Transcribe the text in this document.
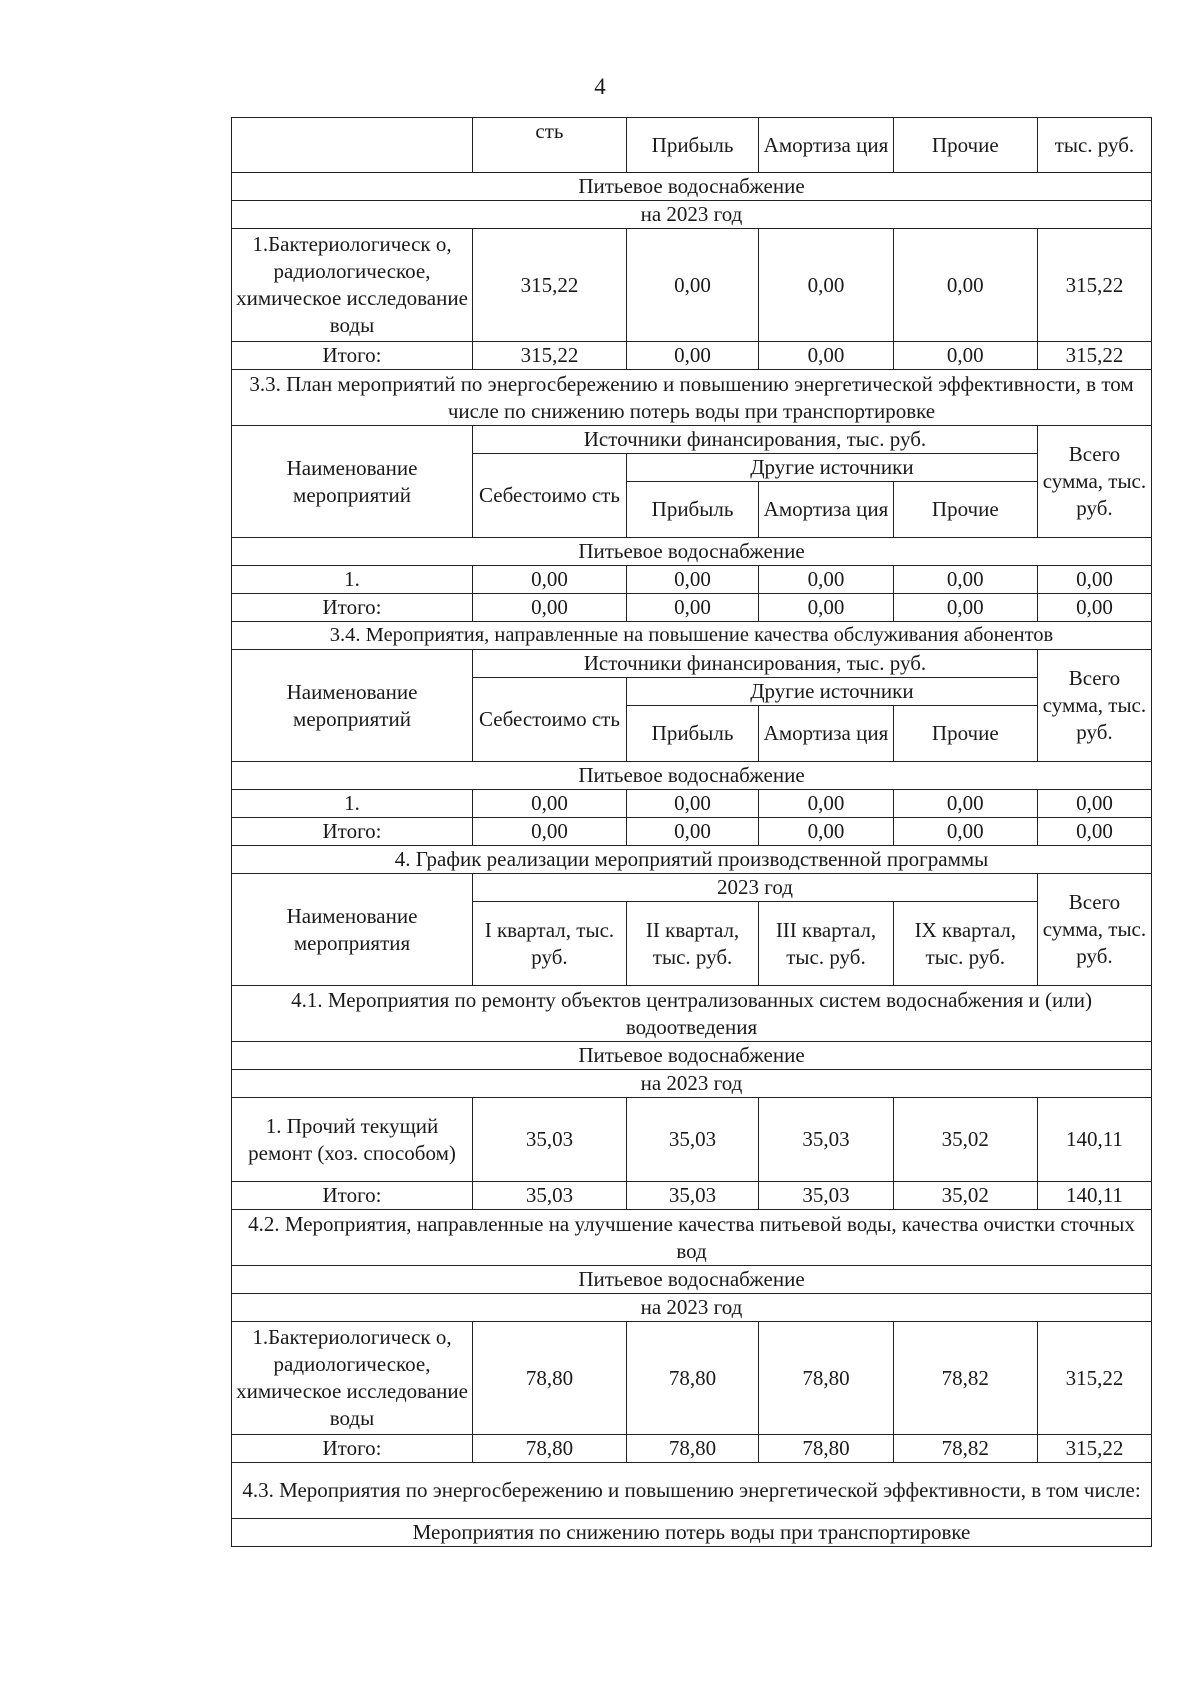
4
	сть	Прибыль	Амортиза ция	Прочие	тыс. руб.
Питьевое водоснабжение					
на 2023 год					
1.Бактериологическ о, радиологическое, химическое исследование воды	315,22	0,00	0,00	0,00	315,22
Итого:	315,22	0,00	0,00	0,00	315,22
3.3. План мероприятий по энергосбережению и повышению энергетической эффективности, в том числе по снижению потерь воды при транспортировке					
Наименование мероприятий	Источники финансирования, тыс. руб.				Всего сумма, тыс. руб.
	Себестоимо сть	Другие источники			
		Прибыль	Амортиза ция	Прочие	
Питьевое водоснабжение					
1.	0,00	0,00	0,00	0,00	0,00
Итого:	0,00	0,00	0,00	0,00	0,00
3.4. Мероприятия, направленные на повышение качества обслуживания абонентов					
Наименование мероприятий	Источники финансирования, тыс. руб.				Всего сумма, тыс. руб.
	Себестоимо сть	Другие источники			
		Прибыль	Амортиза ция	Прочие	
Питьевое водоснабжение					
1.	0,00	0,00	0,00	0,00	0,00
Итого:	0,00	0,00	0,00	0,00	0,00
4. График реализации мероприятий производственной программы					
Наименование мероприятия	2023 год				Всего сумма, тыс. руб.
	I квартал, тыс. руб.	II квартал, тыс. руб.	III квартал, тыс. руб.	IX квартал, тыс. руб.	
4.1. Мероприятия по ремонту объектов централизованных систем водоснабжения и (или) водоотведения					
Питьевое водоснабжение					
на 2023 год					
1. Прочий текущий ремонт (хоз. способом)	35,03	35,03	35,03	35,02	140,11
Итого:	35,03	35,03	35,03	35,02	140,11
4.2. Мероприятия, направленные на улучшение качества питьевой воды, качества очистки сточных вод					
Питьевое водоснабжение					
на 2023 год					
1.Бактериологическ о, радиологическое, химическое исследование воды	78,80	78,80	78,80	78,82	315,22
Итого:	78,80	78,80	78,80	78,82	315,22
4.3. Мероприятия по энергосбережению и повышению энергетической эффективности, в том числе:					
Мероприятия по снижению потерь воды при транспортировке					
